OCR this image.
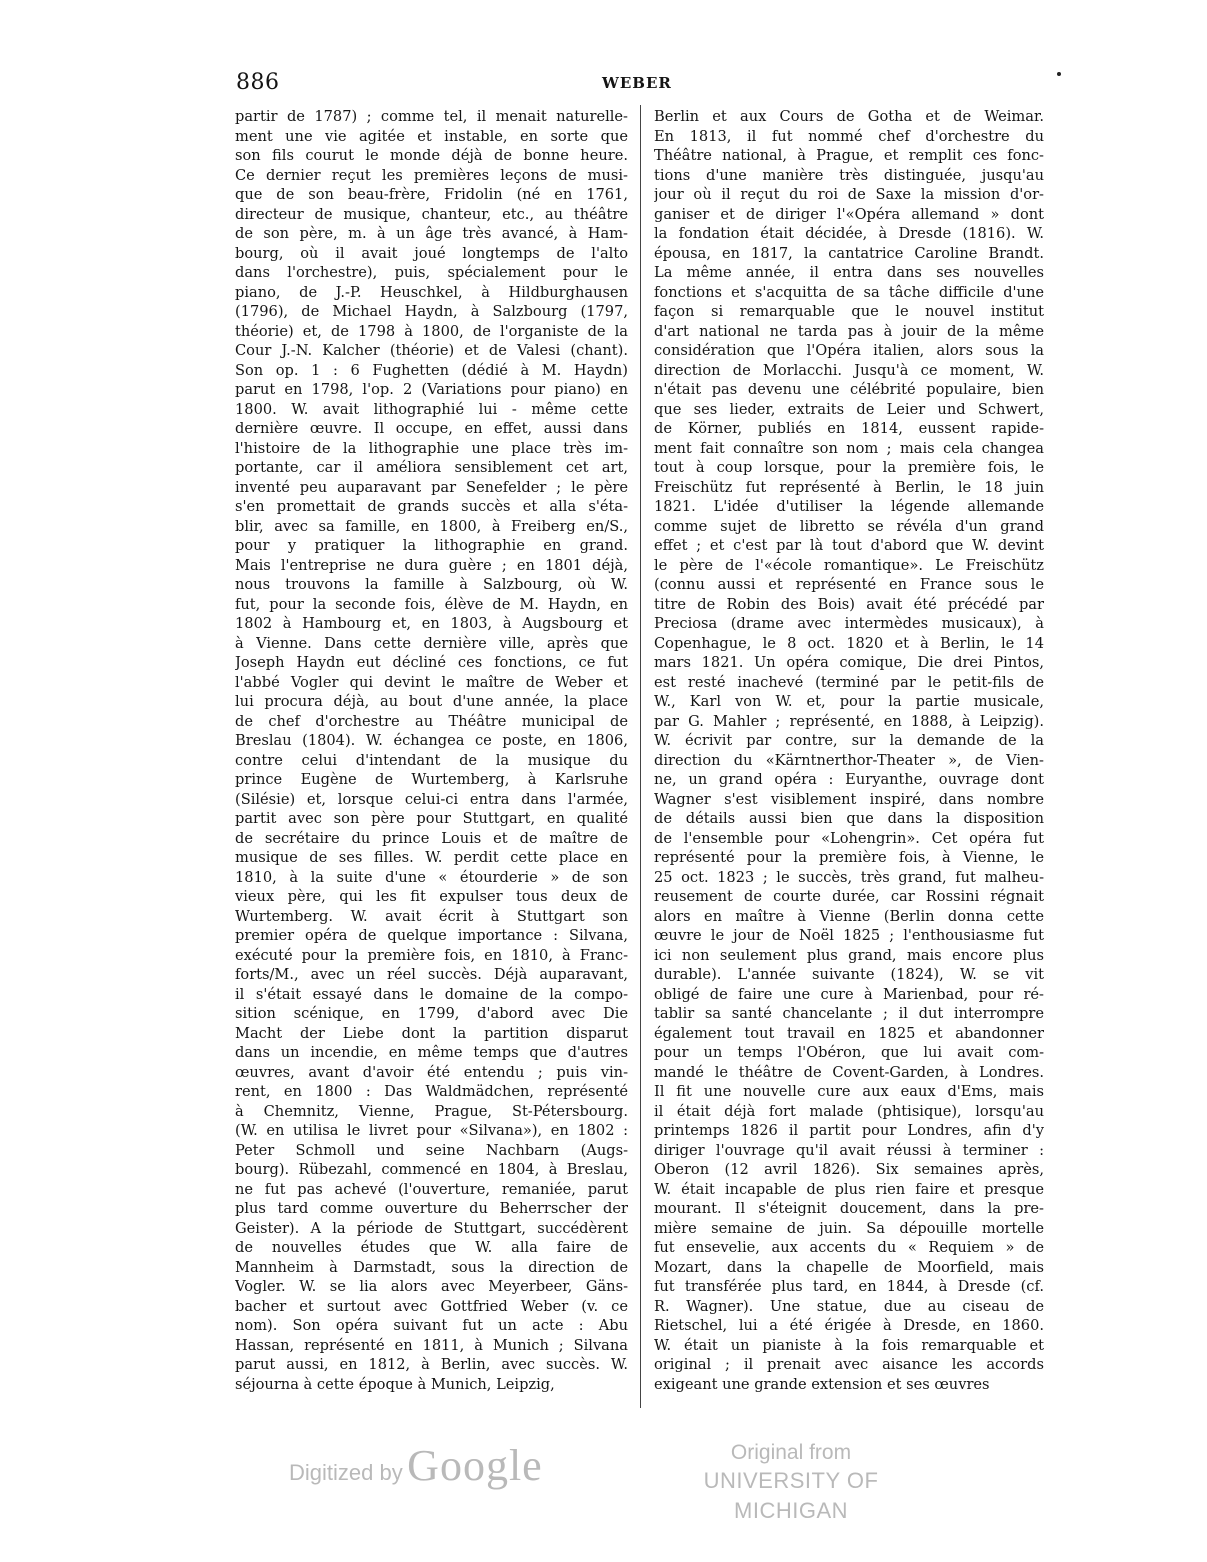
886	WEBER
partir de 1787) ; comme tel, il menait naturelle-
ment une vie agitée et instable, en sorte que
son fils courut le monde déjà de bonne heure.
Ce dernier reçut les premières leçons de musi-
que de son beau-frère, Fridolin (né en 1761,
directeur de musique, chanteur, etc., au théâtre
de son père, m. à un âge très avancé, à Ham-
bourg, où il avait joué longtemps de l'alto
dans l'orchestre), puis, spécialement pour le
piano, de J.-P. Heuschkel, à Hildburghausen
(1796), de Michael Haydn, à Salzbourg (1797,
théorie) et, de 1798 à 1800, de l'organiste de la
Cour J.-N. Kalcher (théorie) et de Valesi (chant).
Son op. 1 : 6 Fughetten (dédié à M. Haydn)
parut en 1798, l'op. 2 (Variations pour piano) en
1800. W. avait lithographié lui - même cette
dernière œuvre. Il occupe, en effet, aussi dans
l'histoire de la lithographie une place très im-
portante, car il améliora sensiblement cet art,
inventé peu auparavant par Senefelder ; le père
s'en promettait de grands succès et alla s'éta-
blir, avec sa famille, en 1800, à Freiberg en/S.,
pour y pratiquer la lithographie en grand.
Mais l'entreprise ne dura guère ; en 1801 déjà,
nous trouvons la famille à Salzbourg, où W.
fut, pour la seconde fois, élève de M. Haydn, en
1802 à Hambourg et, en 1803, à Augsbourg et
à Vienne. Dans cette dernière ville, après que
Joseph Haydn eut décliné ces fonctions, ce fut
l'abbé Vogler qui devint le maître de Weber et
lui procura déjà, au bout d'une année, la place
de chef d'orchestre au Théâtre municipal de
Breslau (1804). W. échangea ce poste, en 1806,
contre celui d'intendant de la musique du
prince Eugène de Wurtemberg, à Karlsruhe
(Silésie) et, lorsque celui-ci entra dans l'armée,
partit avec son père pour Stuttgart, en qualité
de secrétaire du prince Louis et de maître de
musique de ses filles. W. perdit cette place en
1810, à la suite d'une « étourderie » de son
vieux père, qui les fit expulser tous deux de
Wurtemberg. W. avait écrit à Stuttgart son
premier opéra de quelque importance : Silvana,
exécuté pour la première fois, en 1810, à Franc-
forts/M., avec un réel succès. Déjà auparavant,
il s'était essayé dans le domaine de la compo-
sition scénique, en 1799, d'abord avec Die
Macht der Liebe dont la partition disparut
dans un incendie, en même temps que d'autres
œuvres, avant d'avoir été entendu ; puis vin-
rent, en 1800 : Das Waldmädchen, représenté
à Chemnitz, Vienne, Prague, St-Pétersbourg.
(W. en utilisa le livret pour «Silvana»), en 1802 :
Peter Schmoll und seine Nachbarn (Augs-
bourg). Rübezahl, commencé en 1804, à Breslau,
ne fut pas achevé (l'ouverture, remaniée, parut
plus tard comme ouverture du Beherrscher der
Geister). A la période de Stuttgart, succédèrent
de nouvelles études que W. alla faire de
Mannheim à Darmstadt, sous la direction de
Vogler. W. se lia alors avec Meyerbeer, Gäns-
bacher et surtout avec Gottfried Weber (v. ce
nom). Son opéra suivant fut un acte : Abu
Hassan, représenté en 1811, à Munich ; Silvana
parut aussi, en 1812, à Berlin, avec succès. W.
séjourna à cette époque à Munich, Leipzig,
Berlin et aux Cours de Gotha et de Weimar.
En 1813, il fut nommé chef d'orchestre du
Théâtre national, à Prague, et remplit ces fonc-
tions d'une manière très distinguée, jusqu'au
jour où il reçut du roi de Saxe la mission d'or-
ganiser et de diriger l'«Opéra allemand » dont
la fondation était décidée, à Dresde (1816). W.
épousa, en 1817, la cantatrice Caroline Brandt.
La même année, il entra dans ses nouvelles
fonctions et s'acquitta de sa tâche difficile d'une
façon si remarquable que le nouvel institut
d'art national ne tarda pas à jouir de la même
considération que l'Opéra italien, alors sous la
direction de Morlacchi. Jusqu'à ce moment, W.
n'était pas devenu une célébrité populaire, bien
que ses lieder, extraits de Leier und Schwert,
de Körner, publiés en 1814, eussent rapide-
ment fait connaître son nom ; mais cela changea
tout à coup lorsque, pour la première fois, le
Freischütz fut représenté à Berlin, le 18 juin
1821. L'idée d'utiliser la légende allemande
comme sujet de libretto se révéla d'un grand
effet ; et c'est par là tout d'abord que W. devint
le père de l'«école romantique». Le Freischütz
(connu aussi et représenté en France sous le
titre de Robin des Bois) avait été précédé par
Preciosa (drame avec intermèdes musicaux), à
Copenhague, le 8 oct. 1820 et à Berlin, le 14
mars 1821. Un opéra comique, Die drei Pintos,
est resté inachevé (terminé par le petit-fils de
W., Karl von W. et, pour la partie musicale,
par G. Mahler ; représenté, en 1888, à Leipzig).
W. écrivit par contre, sur la demande de la
direction du «Kärntnerthor-Theater », de Vien-
ne, un grand opéra : Euryanthe, ouvrage dont
Wagner s'est visiblement inspiré, dans nombre
de détails aussi bien que dans la disposition
de l'ensemble pour «Lohengrin». Cet opéra fut
représenté pour la première fois, à Vienne, le
25 oct. 1823 ; le succès, très grand, fut malheu-
reusement de courte durée, car Rossini régnait
alors en maître à Vienne (Berlin donna cette
œuvre le jour de Noël 1825 ; l'enthousiasme fut
ici non seulement plus grand, mais encore plus
durable). L'année suivante (1824), W. se vit
obligé de faire une cure à Marienbad, pour ré-
tablir sa santé chancelante ; il dut interrompre
également tout travail en 1825 et abandonner
pour un temps l'Obéron, que lui avait com-
mandé le théâtre de Covent-Garden, à Londres.
Il fit une nouvelle cure aux eaux d'Ems, mais
il était déjà fort malade (phtisique), lorsqu'au
printemps 1826 il partit pour Londres, afin d'y
diriger l'ouvrage qu'il avait réussi à terminer :
Oberon (12 avril 1826). Six semaines après,
W. était incapable de plus rien faire et presque
mourant. Il s'éteignit doucement, dans la pre-
mière semaine de juin. Sa dépouille mortelle
fut ensevelie, aux accents du « Requiem » de
Mozart, dans la chapelle de Moorfield, mais
fut transférée plus tard, en 1844, à Dresde (cf.
R. Wagner). Une statue, due au ciseau de
Rietschel, lui a été érigée à Dresde, en 1860.
W. était un pianiste à la fois remarquable et
original ; il prenait avec aisance les accords
exigeant une grande extension et ses œuvres
Digitized by Google	Original from
UNIVERSITY OF MICHIGAN
